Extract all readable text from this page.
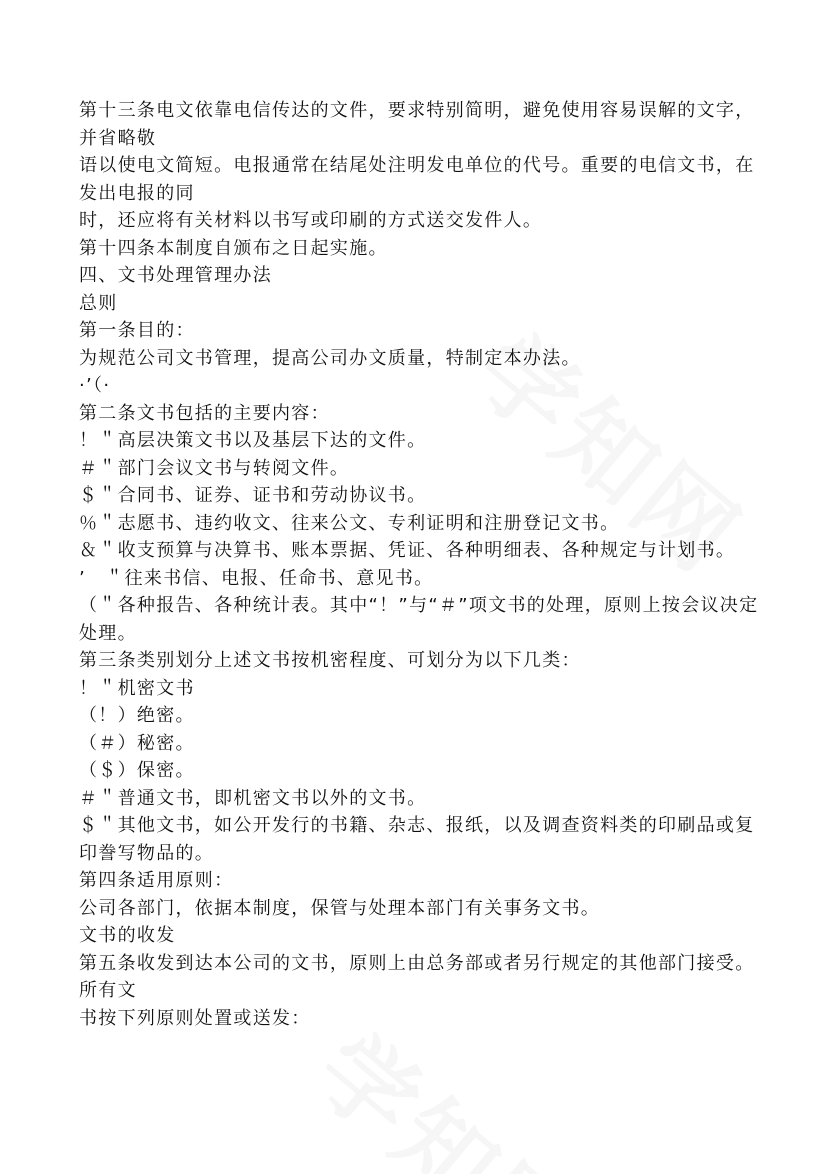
第十三条电文依靠电信传达的文件，要求特别简明，避免使用容易误解的文字，并省略敬

语以使电文简短。电报通常在结尾处注明发电单位的代号。重要的电信文书，在发出电报的同

时，还应将有关材料以书写或印刷的方式送交发件人。

第十四条本制度自颁布之日起实施。

四、文书处理管理办法

总则

第一条目的：

为规范公司文书管理，提高公司办文质量，特制定本办法。

·’（·

第二条文书包括的主要内容：

！＂高层决策文书以及基层下达的文件。

＃＂部门会议文书与转阅文件。

＄＂合同书、证券、证书和劳动协议书。

％＂志愿书、违约收文、往来公文、专利证明和注册登记文书。

＆＂收支预算与决算书、账本票据、凭证、各种明细表、各种规定与计划书。

’　＂往来书信、电报、任命书、意见书。

（＂各种报告、各种统计表。其中“！”与“＃”项文书的处理，原则上按会议决定处理。

第三条类别划分上述文书按机密程度、可划分为以下几类：

！＂机密文书

（！）绝密。

（＃）秘密。

（＄）保密。

＃＂普通文书，即机密文书以外的文书。

＄＂其他文书，如公开发行的书籍、杂志、报纸，以及调查资料类的印刷品或复印誊写物品的。

第四条适用原则：

公司各部门，依据本制度，保管与处理本部门有关事务文书。

文书的收发

第五条收发到达本公司的文书，原则上由总务部或者另行规定的其他部门接受。所有文

书按下列原则处置或送发：
